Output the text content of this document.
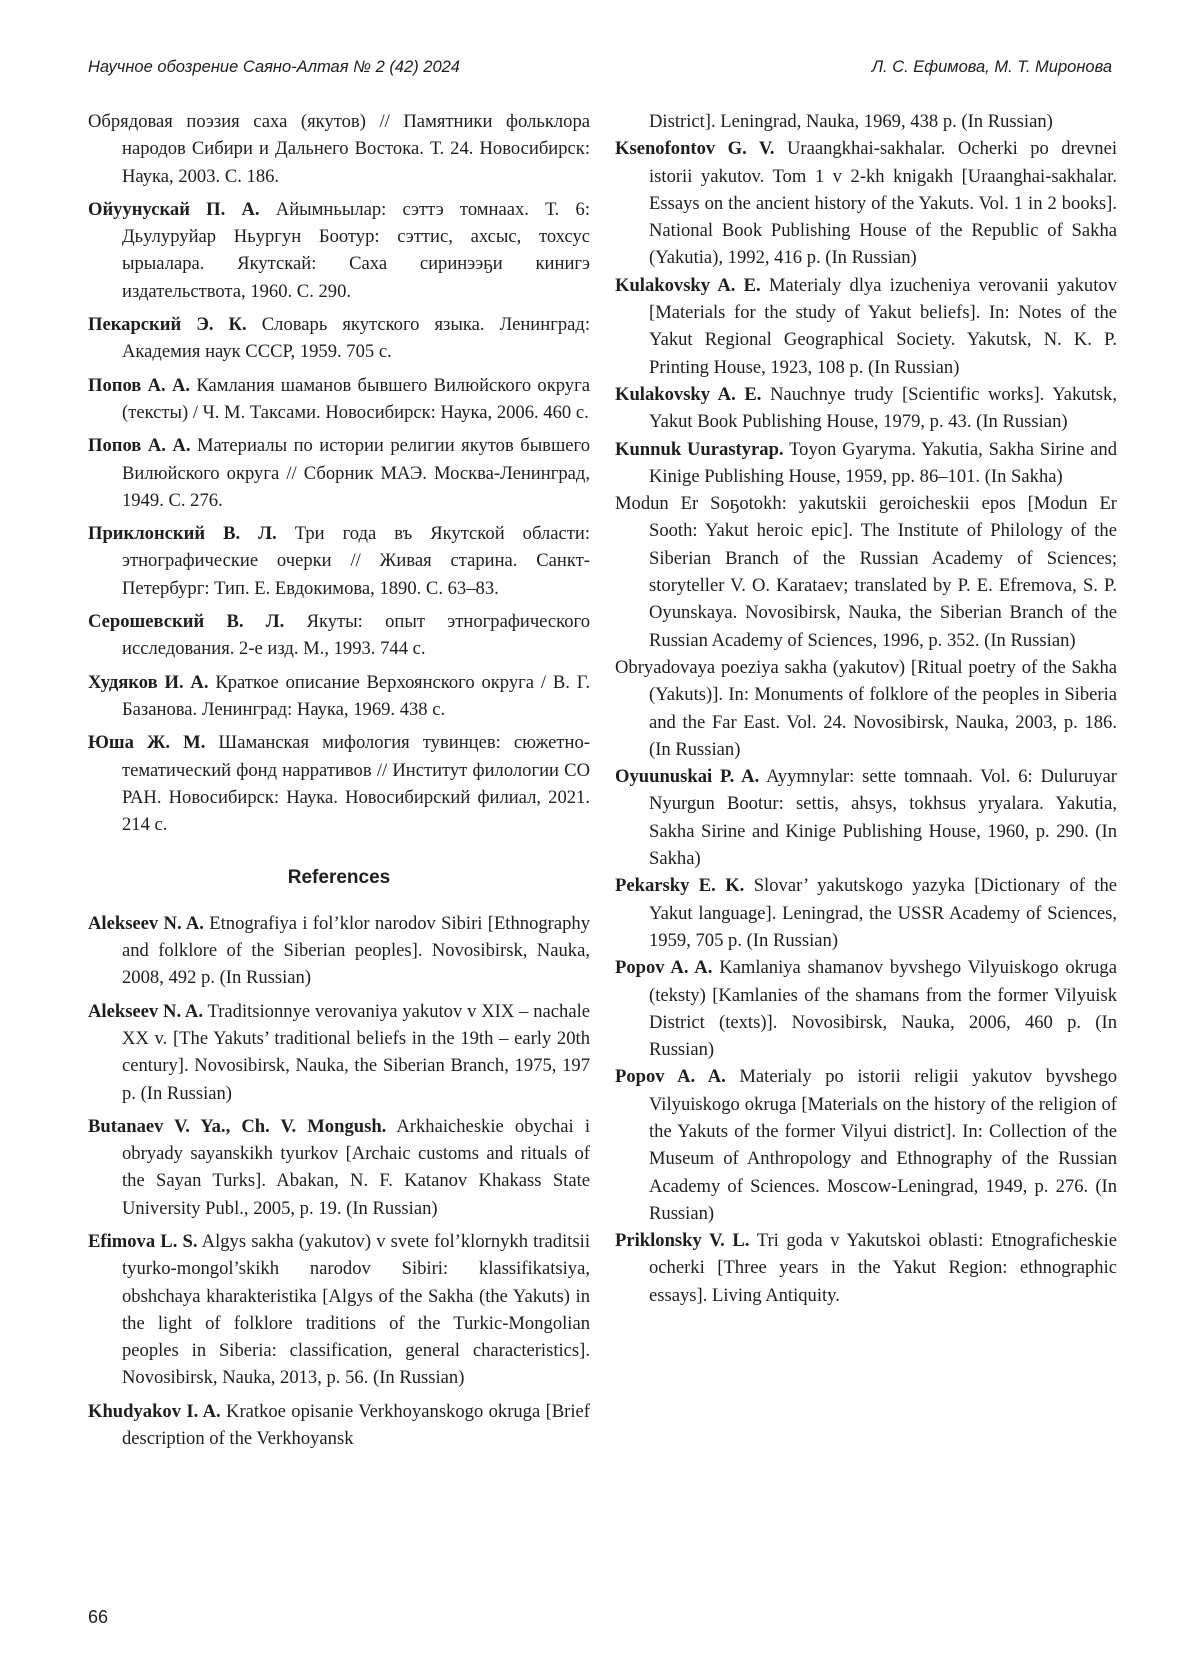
Научное обозрение Саяно-Алтая № 2 (42) 2024	Л. С. Ефимова, М. Т. Миронова

Обрядовая поэзия саха (якутов) // Памятники фольклора народов Сибири и Дальнего Востока. Т. 24. Новосибирск: Наука, 2003. С. 186.

Ойуунускай П. А. Айымньылар: сэттэ томнаах. Т. 6: Дьулуруйар Ньургун Боотур: сэттис, ахсыс, тохсус ырыалара. Якутскай: Саха сиринээҕи кинигэ издательствота, 1960. С. 290.

Пекарский Э. К. Словарь якутского языка. Ленинград: Академия наук СССР, 1959. 705 с.

Попов А. А. Камлания шаманов бывшего Вилюйского округа (тексты) / Ч. М. Таксами. Новосибирск: Наука, 2006. 460 с.

Попов А. А. Материалы по истории религии якутов бывшего Вилюйского округа // Сборник МАЭ. Москва-Ленинград, 1949. С. 276.

Приклонский В. Л. Три года въ Якутской области: этнографические очерки // Живая старина. Санкт-Петербург: Тип. Е. Евдокимова, 1890. С. 63–83.

Серошевский В. Л. Якуты: опыт этнографического исследования. 2-е изд. М., 1993. 744 с.

Худяков И. А. Краткое описание Верхоянского округа / В. Г. Базанова. Ленинград: Наука, 1969. 438 с.

Юша Ж. М. Шаманская мифология тувинцев: сюжетно-тематический фонд нарративов // Институт филологии СО РАН. Новосибирск: Наука. Новосибирский филиал, 2021. 214 с.

References

Alekseev N. A. Etnografiya i fol’klor narodov Sibiri [Ethnography and folklore of the Siberian peoples]. Novosibirsk, Nauka, 2008, 492 p. (In Russian)

Alekseev N. A. Traditsionnye verovaniya yakutov v XIX – nachale XX v. [The Yakuts’ traditional beliefs in the 19th – early 20th century]. Novosibirsk, Nauka, the Siberian Branch, 1975, 197 p. (In Russian)

Butanaev V. Ya., Ch. V. Mongush. Arkhaicheskie obychai i obryady sayanskikh tyurkov [Archaic customs and rituals of the Sayan Turks]. Abakan, N. F. Katanov Khakass State University Publ., 2005, p. 19. (In Russian)

Efimova L. S. Algys sakha (yakutov) v svete fol’klornykh traditsii tyurko-mongol’skikh narodov Sibiri: klassifikatsiya, obshchaya kharakteristika [Algys of the Sakha (the Yakuts) in the light of folklore traditions of the Turkic-Mongolian peoples in Siberia: classification, general characteristics]. Novosibirsk, Nauka, 2013, p. 56. (In Russian)

Khudyakov I. A. Kratkoe opisanie Verkhoyanskogo okruga [Brief description of the Verkhoyansk

District]. Leningrad, Nauka, 1969, 438 p. (In Russian)

Ksenofontov G. V. Uraangkhai-sakhalar. Ocherki po drevnei istorii yakutov. Tom 1 v 2-kh knigakh [Uraanghai-sakhalar. Essays on the ancient history of the Yakuts. Vol. 1 in 2 books]. National Book Publishing House of the Republic of Sakha (Yakutia), 1992, 416 p. (In Russian)

Kulakovsky A. E. Materialy dlya izucheniya verovanii yakutov [Materials for the study of Yakut beliefs]. In: Notes of the Yakut Regional Geographical Society. Yakutsk, N. K. P. Printing House, 1923, 108 p. (In Russian)

Kulakovsky A. E. Nauchnye trudy [Scientific works]. Yakutsk, Yakut Book Publishing House, 1979, p. 43. (In Russian)

Kunnuk Uurastyrap. Toyon Gyaryma. Yakutia, Sakha Sirine and Kinige Publishing House, 1959, pp. 86–101. (In Sakha)

Modun Er Soҕotokh: yakutskii geroicheskii epos [Modun Er Sooth: Yakut heroic epic]. The Institute of Philology of the Siberian Branch of the Russian Academy of Sciences; storyteller V. O. Karataev; translated by P. E. Efremova, S. P. Oyunskaya. Novosibirsk, Nauka, the Siberian Branch of the Russian Academy of Sciences, 1996, p. 352. (In Russian)

Obryadovaya poeziya sakha (yakutov) [Ritual poetry of the Sakha (Yakuts)]. In: Monuments of folklore of the peoples in Siberia and the Far East. Vol. 24. Novosibirsk, Nauka, 2003, p. 186. (In Russian)

Oyuunuskai P. A. Ayymnylar: sette tomnaah. Vol. 6: Duluruyar Nyurgun Bootur: settis, ahsys, tokhsus yryalara. Yakutia, Sakha Sirine and Kinige Publishing House, 1960, p. 290. (In Sakha)

Pekarsky E. K. Slovar’ yakutskogo yazyka [Dictionary of the Yakut language]. Leningrad, the USSR Academy of Sciences, 1959, 705 p. (In Russian)

Popov A. A. Kamlaniya shamanov byvshego Vilyuiskogo okruga (teksty) [Kamlanies of the shamans from the former Vilyuisk District (texts)]. Novosibirsk, Nauka, 2006, 460 p. (In Russian)

Popov A. A. Materialy po istorii religii yakutov byvshego Vilyuiskogo okruga [Materials on the history of the religion of the Yakuts of the former Vilyui district]. In: Collection of the Museum of Anthropology and Ethnography of the Russian Academy of Sciences. Moscow-Leningrad, 1949, p. 276. (In Russian)

Priklonsky V. L. Tri goda v Yakutskoi oblasti: Etnograficheskie ocherki [Three years in the Yakut Region: ethnographic essays]. Living Antiquity.

66
